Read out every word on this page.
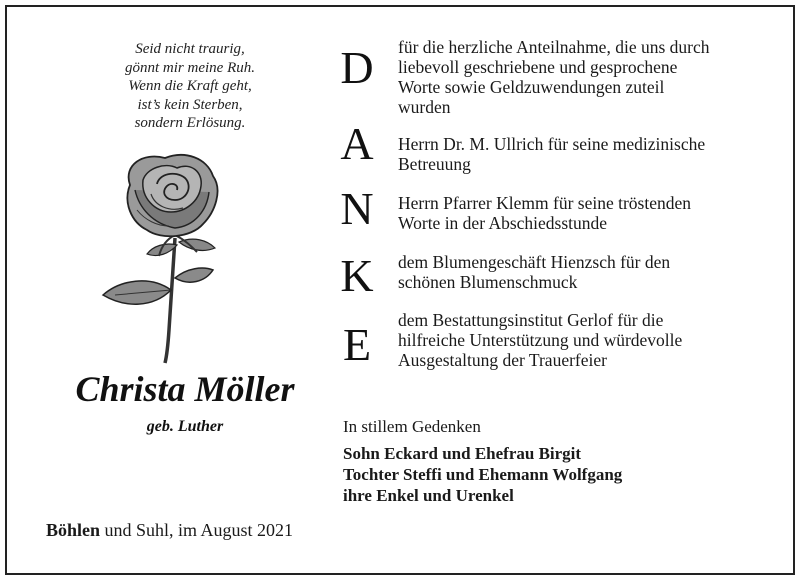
Seid nicht traurig,
gönnt mir meine Ruh.
Wenn die Kraft geht,
ist’s kein Sterben,
sondern Erlösung.
Christa Möller
geb. Luther
Böhlen und Suhl, im August 2021
D
A
N
K
E
für die herzliche Anteilnahme, die uns durch
liebevoll geschriebene und gesprochene
Worte sowie Geldzuwendungen zuteil
wurden
Herrn Dr. M. Ullrich für seine medizinische
Betreuung
Herrn Pfarrer Klemm für seine tröstenden
Worte in der Abschiedsstunde
dem Blumengeschäft Hienzsch für den
schönen Blumenschmuck
dem Bestattungsinstitut Gerlof für die
hilfreiche Unterstützung und würdevolle
Ausgestaltung der Trauerfeier
In stillem Gedenken
Sohn Eckard und Ehefrau Birgit
Tochter Steffi und Ehemann Wolfgang
ihre Enkel und Urenkel
